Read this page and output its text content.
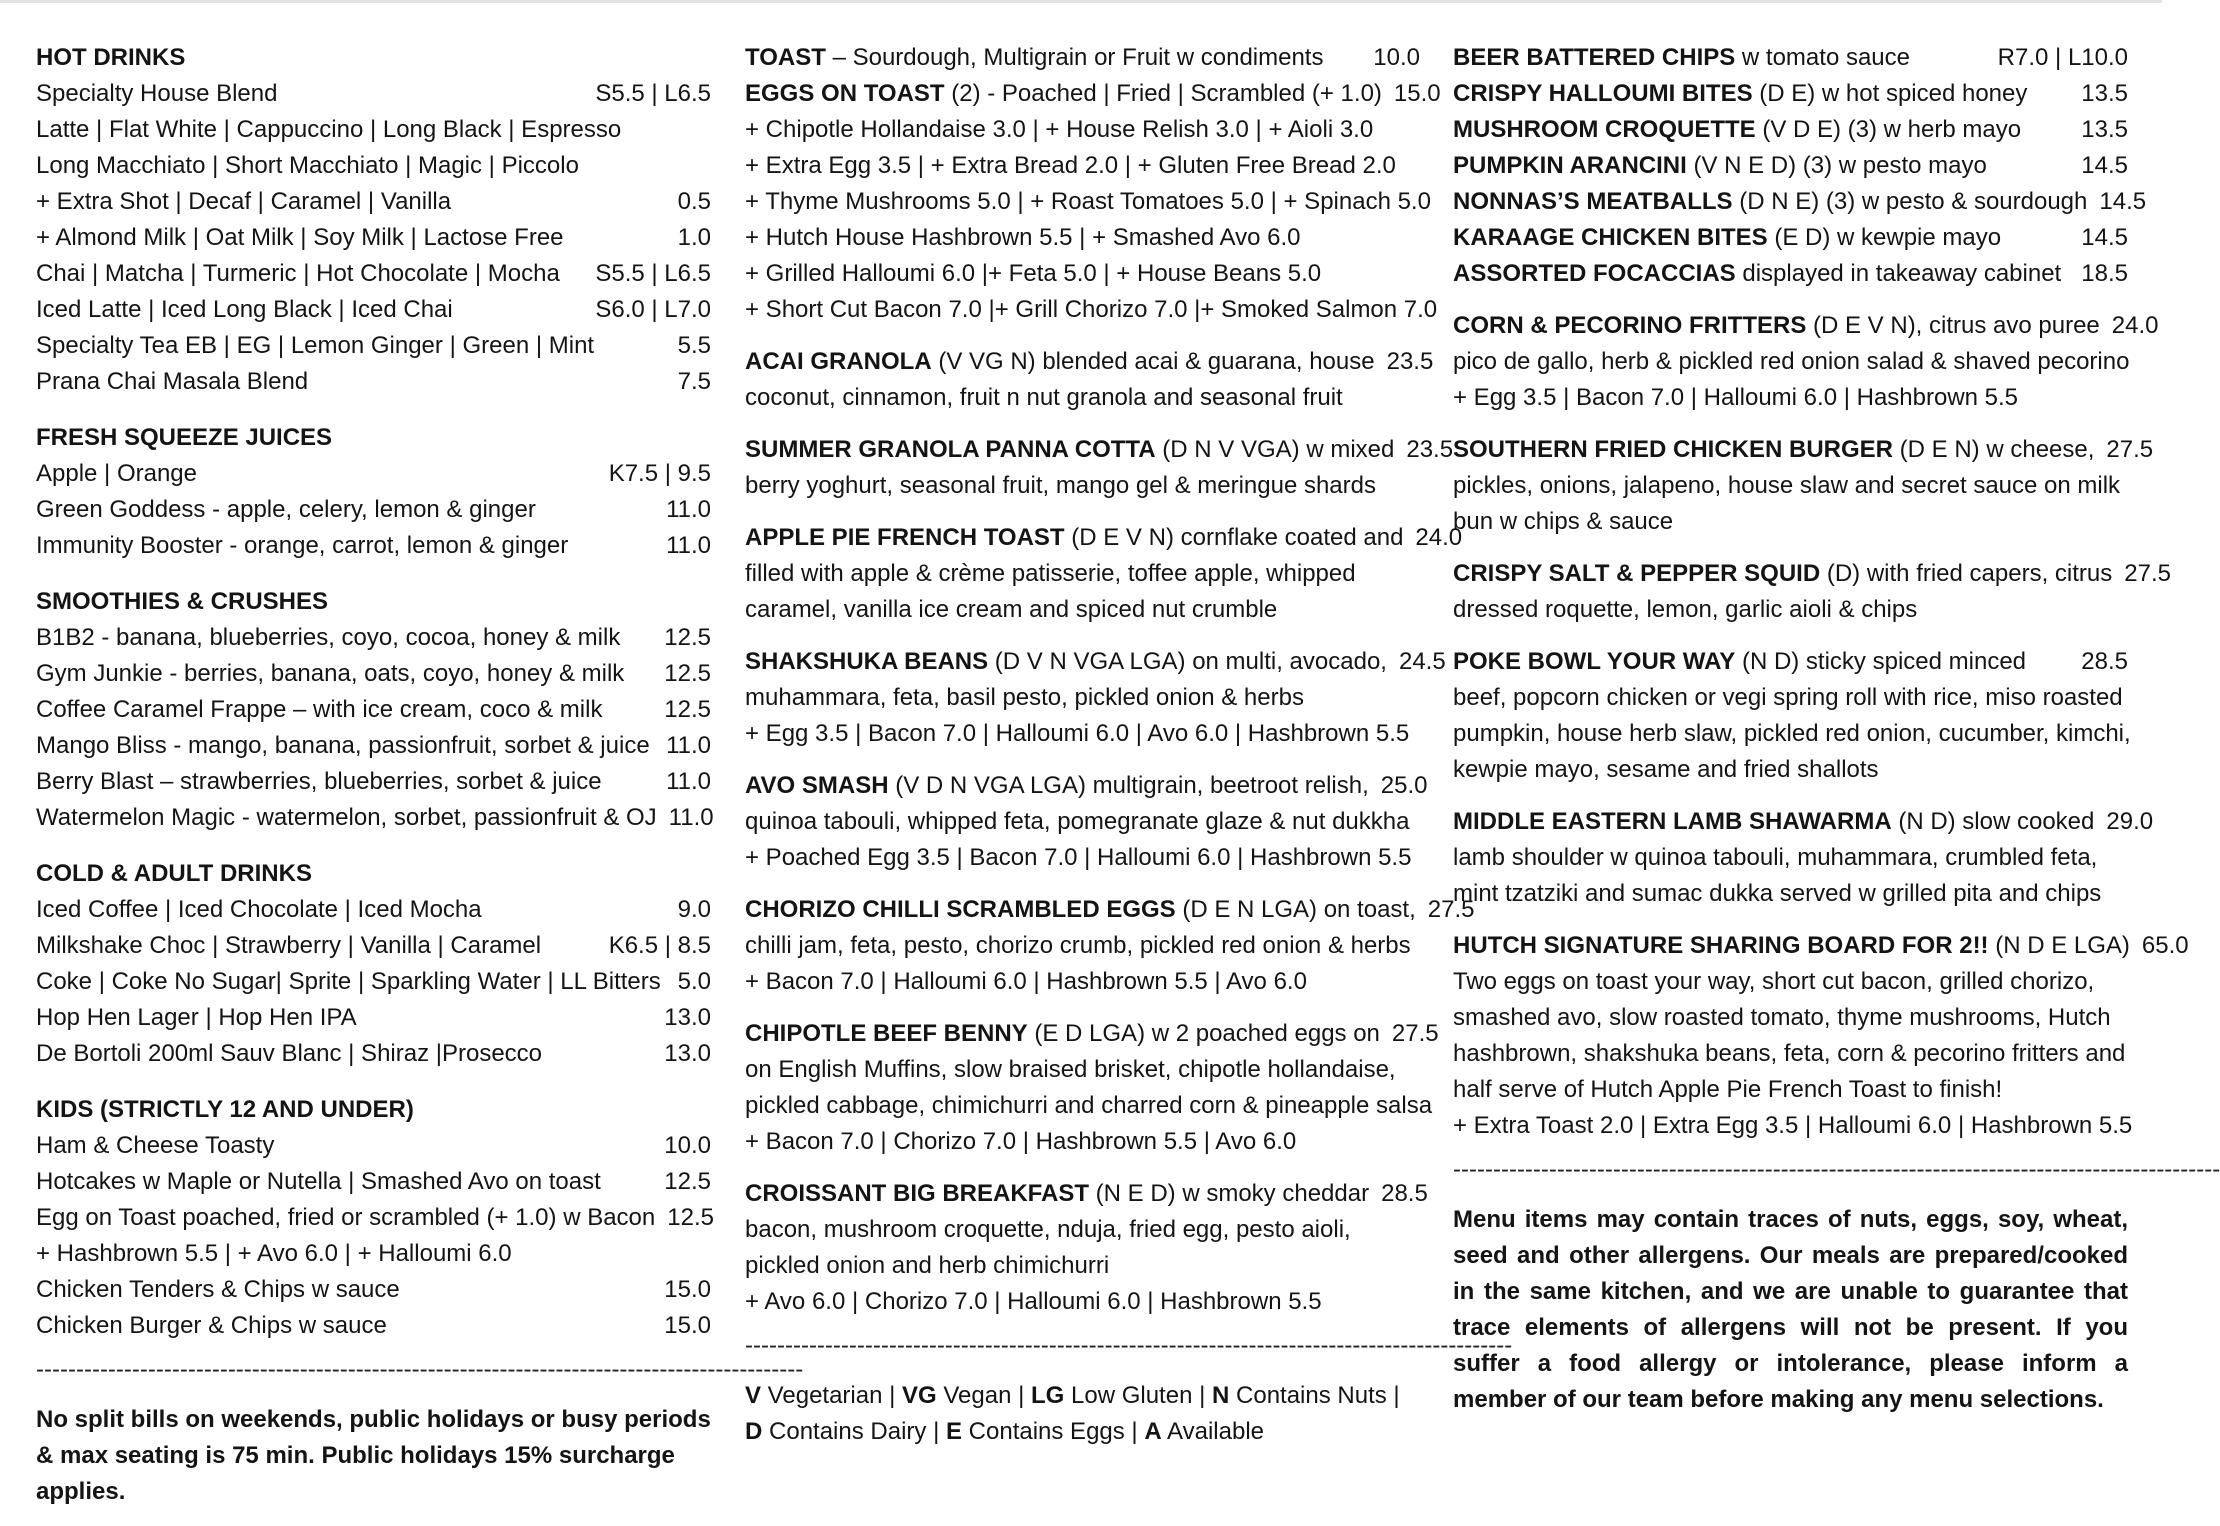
HOT DRINKS
Specialty House Blend	S5.5 | L6.5
Latte | Flat White | Cappuccino | Long Black | Espresso
Long Macchiato | Short Macchiato | Magic | Piccolo
+ Extra Shot | Decaf | Caramel | Vanilla	0.5
+ Almond Milk | Oat Milk | Soy Milk | Lactose Free	1.0
Chai | Matcha | Turmeric | Hot Chocolate | Mocha	S5.5 | L6.5
Iced Latte | Iced Long Black | Iced Chai	S6.0 | L7.0
Specialty Tea EB | EG | Lemon Ginger | Green | Mint	5.5
Prana Chai Masala Blend	7.5
FRESH SQUEEZE JUICES
Apple | Orange	K7.5 | 9.5
Green Goddess - apple, celery, lemon & ginger	11.0
Immunity Booster - orange, carrot, lemon & ginger	11.0
SMOOTHIES & CRUSHES
B1B2 - banana, blueberries, coyo, cocoa, honey & milk	12.5
Gym Junkie - berries, banana, oats, coyo, honey & milk	12.5
Coffee Caramel Frappe – with ice cream, coco & milk	12.5
Mango Bliss - mango, banana, passionfruit, sorbet & juice 11.0
Berry Blast – strawberries, blueberries, sorbet & juice	11.0
Watermelon Magic - watermelon, sorbet, passionfruit & OJ 11.0
COLD & ADULT DRINKS
Iced Coffee | Iced Chocolate | Iced Mocha	9.0
Milkshake Choc | Strawberry | Vanilla | Caramel	K6.5 | 8.5
Coke | Coke No Sugar| Sprite | Sparkling Water | LL Bitters 5.0
Hop Hen Lager | Hop Hen IPA	13.0
De Bortoli 200ml Sauv Blanc | Shiraz |Prosecco	13.0
KIDS (STRICTLY 12 AND UNDER)
Ham & Cheese Toasty	10.0
Hotcakes w Maple or Nutella | Smashed Avo on toast	12.5
Egg on Toast poached, fried or scrambled (+ 1.0) w Bacon 12.5
+ Hashbrown 5.5 | + Avo 6.0 | + Halloumi 6.0
Chicken Tenders & Chips w sauce	15.0
Chicken Burger & Chips w sauce	15.0
------------------------------------------------------------------------------------------------
No split bills on weekends, public holidays or busy periods & max seating is 75 min. Public holidays 15% surcharge applies.
TOAST – Sourdough, Multigrain or Fruit w condiments	10.0
EGGS ON TOAST (2) - Poached | Fried | Scrambled (+ 1.0) 15.0
+ Chipotle Hollandaise 3.0 | + House Relish 3.0 | + Aioli 3.0
+ Extra Egg 3.5 | + Extra Bread 2.0 | + Gluten Free Bread 2.0
+ Thyme Mushrooms 5.0 | + Roast Tomatoes 5.0 | + Spinach 5.0
+ Hutch House Hashbrown 5.5 | + Smashed Avo 6.0
+ Grilled Halloumi 6.0 |+ Feta 5.0 | + House Beans 5.0
+ Short Cut Bacon 7.0 |+ Grill Chorizo 7.0 |+ Smoked Salmon 7.0
ACAI GRANOLA (V VG N) blended acai & guarana, house 23.5
coconut, cinnamon, fruit n nut granola and seasonal fruit
SUMMER GRANOLA PANNA COTTA (D N V VGA) w mixed 23.5
berry yoghurt, seasonal fruit, mango gel & meringue shards
APPLE PIE FRENCH TOAST (D E V N) cornflake coated and 24.0
filled with apple & crème patisserie, toffee apple, whipped
caramel, vanilla ice cream and spiced nut crumble
SHAKSHUKA BEANS (D V N VGA LGA) on multi, avocado, 24.5
muhammara, feta, basil pesto, pickled onion & herbs
+ Egg 3.5 | Bacon 7.0 | Halloumi 6.0 | Avo 6.0 | Hashbrown 5.5
AVO SMASH (V D N VGA LGA) multigrain, beetroot relish, 25.0
quinoa tabouli, whipped feta, pomegranate glaze & nut dukkha
+ Poached Egg 3.5 | Bacon 7.0 | Halloumi 6.0 | Hashbrown 5.5
CHORIZO CHILLI SCRAMBLED EGGS (D E N LGA) on toast, 27.5
chilli jam, feta, pesto, chorizo crumb, pickled red onion & herbs
+ Bacon 7.0 | Halloumi 6.0 | Hashbrown 5.5 | Avo 6.0
CHIPOTLE BEEF BENNY (E D LGA) w 2 poached eggs on 27.5
on English Muffins, slow braised brisket, chipotle hollandaise,
pickled cabbage, chimichurri and charred corn & pineapple salsa
+ Bacon 7.0 | Chorizo 7.0 | Hashbrown 5.5 | Avo 6.0
CROISSANT BIG BREAKFAST (N E D) w smoky cheddar 28.5
bacon, mushroom croquette, nduja, fried egg, pesto aioli,
pickled onion and herb chimichurri
+ Avo 6.0 | Chorizo 7.0 | Halloumi 6.0 | Hashbrown 5.5
------------------------------------------------------------------------------------------------
V Vegetarian | VG Vegan | LG Low Gluten | N Contains Nuts |
D Contains Dairy | E Contains Eggs | A Available
BEER BATTERED CHIPS w tomato sauce	R7.0 | L10.0
CRISPY HALLOUMI BITES (D E) w hot spiced honey	13.5
MUSHROOM CROQUETTE (V D E) (3) w herb mayo	13.5
PUMPKIN ARANCINI (V N E D) (3) w pesto mayo	14.5
NONNAS’S MEATBALLS (D N E) (3) w pesto & sourdough 14.5
KARAAGE CHICKEN BITES (E D) w kewpie mayo	14.5
ASSORTED FOCACCIAS displayed in takeaway cabinet 18.5
CORN & PECORINO FRITTERS (D E V N), citrus avo puree 24.0
pico de gallo, herb & pickled red onion salad & shaved pecorino
+ Egg 3.5 | Bacon 7.0 | Halloumi 6.0 | Hashbrown 5.5
SOUTHERN FRIED CHICKEN BURGER (D E N) w cheese, 27.5
pickles, onions, jalapeno, house slaw and secret sauce on milk
bun w chips & sauce
CRISPY SALT & PEPPER SQUID (D) with fried capers, citrus 27.5
dressed roquette, lemon, garlic aioli & chips
POKE BOWL YOUR WAY (N D) sticky spiced minced	28.5
beef, popcorn chicken or vegi spring roll with rice, miso roasted
pumpkin, house herb slaw, pickled red onion, cucumber, kimchi,
kewpie mayo, sesame and fried shallots
MIDDLE EASTERN LAMB SHAWARMA (N D) slow cooked 29.0
lamb shoulder w quinoa tabouli, muhammara, crumbled feta,
mint tzatziki and sumac dukka served w grilled pita and chips
HUTCH SIGNATURE SHARING BOARD FOR 2!! (N D E LGA) 65.0
Two eggs on toast your way, short cut bacon, grilled chorizo,
smashed avo, slow roasted tomato, thyme mushrooms, Hutch
hashbrown, shakshuka beans, feta, corn & pecorino fritters and
half serve of Hutch Apple Pie French Toast to finish!
+ Extra Toast 2.0 | Extra Egg 3.5 | Halloumi 6.0 | Hashbrown 5.5
------------------------------------------------------------------------------------------------
Menu items may contain traces of nuts, eggs, soy, wheat, seed and other allergens. Our meals are prepared/cooked in the same kitchen, and we are unable to guarantee that trace elements of allergens will not be present. If you suffer a food allergy or intolerance, please inform a member of our team before making any menu selections.
